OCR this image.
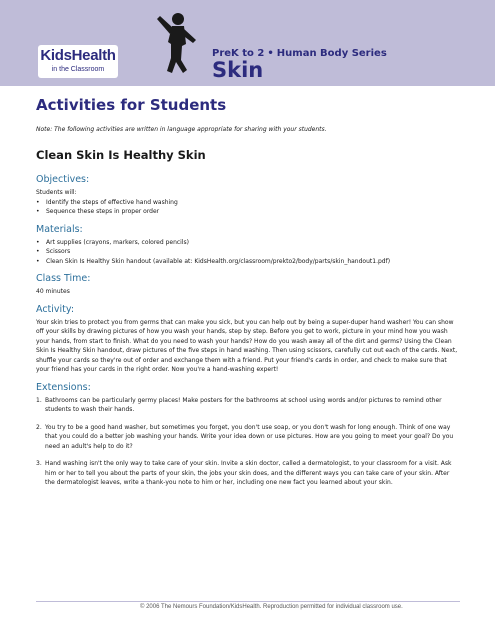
KidsHealth
in the Classroom
PreK to 2 • Human Body Series
Skin
Activities for Students
Note: The following activities are written in language appropriate for sharing with your students.
Clean Skin Is Healthy Skin
Objectives:

Students will:

• Identify the steps of effective hand washing
• Sequence these steps in proper order
Materials:
• Art supplies (crayons, markers, colored pencils)
• Scissors
• Clean Skin Is Healthy Skin handout (available at: KidsHealth.org/classroom/prekto2/body/parts/skin_handout1.pdf)
Class Time:

40 minutes

Activity:

Your skin tries to protect you from germs that can make you sick, but you can help out by being a super-duper hand washer! You can show off your skills by drawing pictures of how you wash your hands, step by step. Before you get to work, picture in your mind how you wash your hands, from start to finish. What do you need to wash your hands? How do you wash away all of the dirt and germs? Using the Clean Skin Is Healthy Skin handout, draw pictures of the five steps in hand washing. Then using scissors, carefully cut out each of the cards. Next, shuffle your cards so they're out of order and exchange them with a friend. Put your friend's cards in order, and check to make sure that your friend has your cards in the right order. Now you're a hand-washing expert!

Extensions:
1. Bathrooms can be particularly germy places! Make posters for the bathrooms at school using words and/or pictures to remind other students to wash their hands.
2. You try to be a good hand washer, but sometimes you forget, you don't use soap, or you don't wash for long enough. Think of one way that you could do a better job washing your hands. Write your idea down or use pictures. How are you going to meet your goal? Do you need an adult's help to do it?
3. Hand washing isn't the only way to take care of your skin. Invite a skin doctor, called a dermatologist, to your classroom for a visit. Ask him or her to tell you about the parts of your skin, the jobs your skin does, and the different ways you can take care of your skin. After the dermatologist leaves, write a thank-you note to him or her, including one new fact you learned about your skin.
© 2006 The Nemours Foundation/KidsHealth. Reproduction permitted for individual classroom use.
